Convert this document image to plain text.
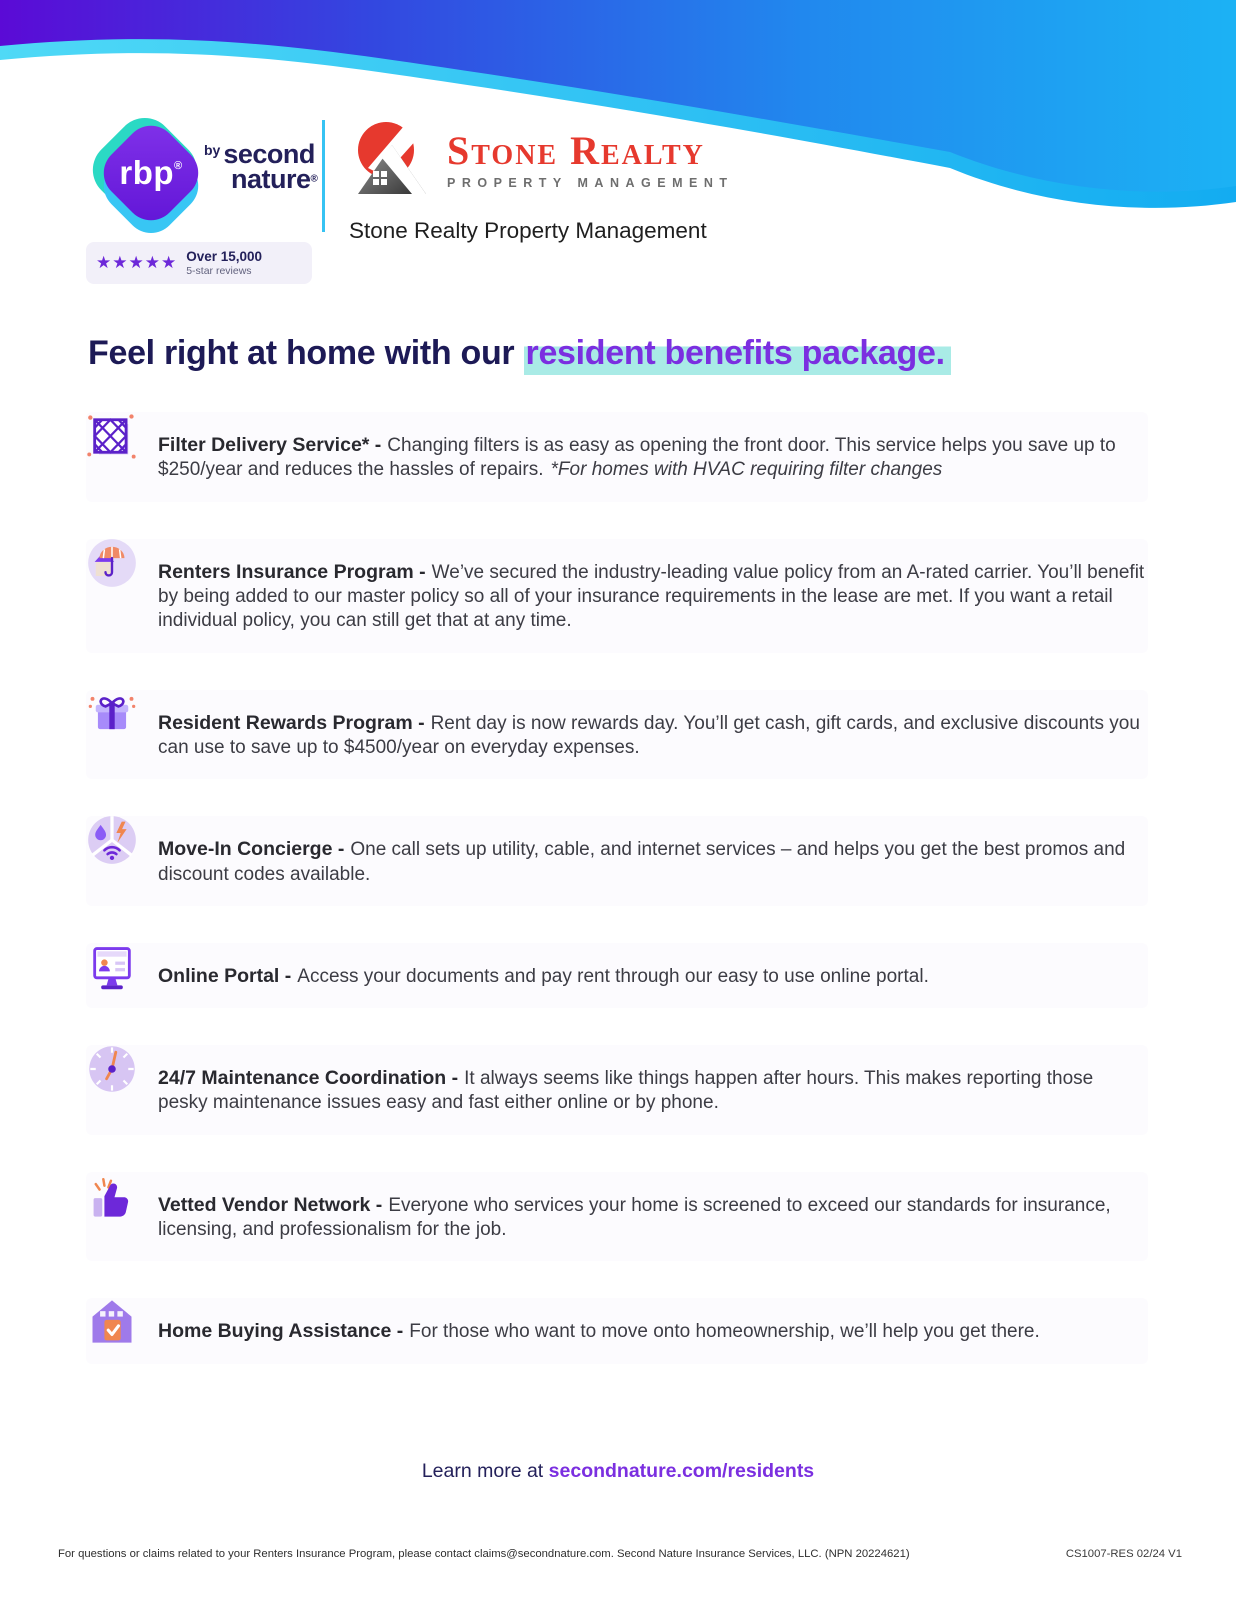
rbp®
by second
nature®
★★★★★ Over 15,000
5-star reviews
Stone Realty
PROPERTY MANAGEMENT
Stone Realty Property Management
Feel right at home with our resident benefits package.

Filter Delivery Service* - Changing filters is as easy as opening the front door. This service helps you save up to $250/year and reduces the hassles of repairs. *For homes with HVAC requiring filter changes

Renters Insurance Program - We’ve secured the industry-leading value policy from an A-rated carrier. You’ll benefit by being added to our master policy so all of your insurance requirements in the lease are met. If you want a retail individual policy, you can still get that at any time.

Resident Rewards Program - Rent day is now rewards day. You’ll get cash, gift cards, and exclusive discounts you can use to save up to $4500/year on everyday expenses.

Move-In Concierge - One call sets up utility, cable, and internet services – and helps you get the best promos and discount codes available.

Online Portal - Access your documents and pay rent through our easy to use online portal.

24/7 Maintenance Coordination - It always seems like things happen after hours. This makes reporting those pesky maintenance issues easy and fast either online or by phone.

Vetted Vendor Network - Everyone who services your home is screened to exceed our standards for insurance, licensing, and professionalism for the job.

Home Buying Assistance - For those who want to move onto homeownership, we’ll help you get there.

Learn more at secondnature.com/residents
For questions or claims related to your Renters Insurance Program, please contact claims@secondnature.com. Second Nature Insurance Services, LLC. (NPN 20224621)	CS1007-RES 02/24 V1
